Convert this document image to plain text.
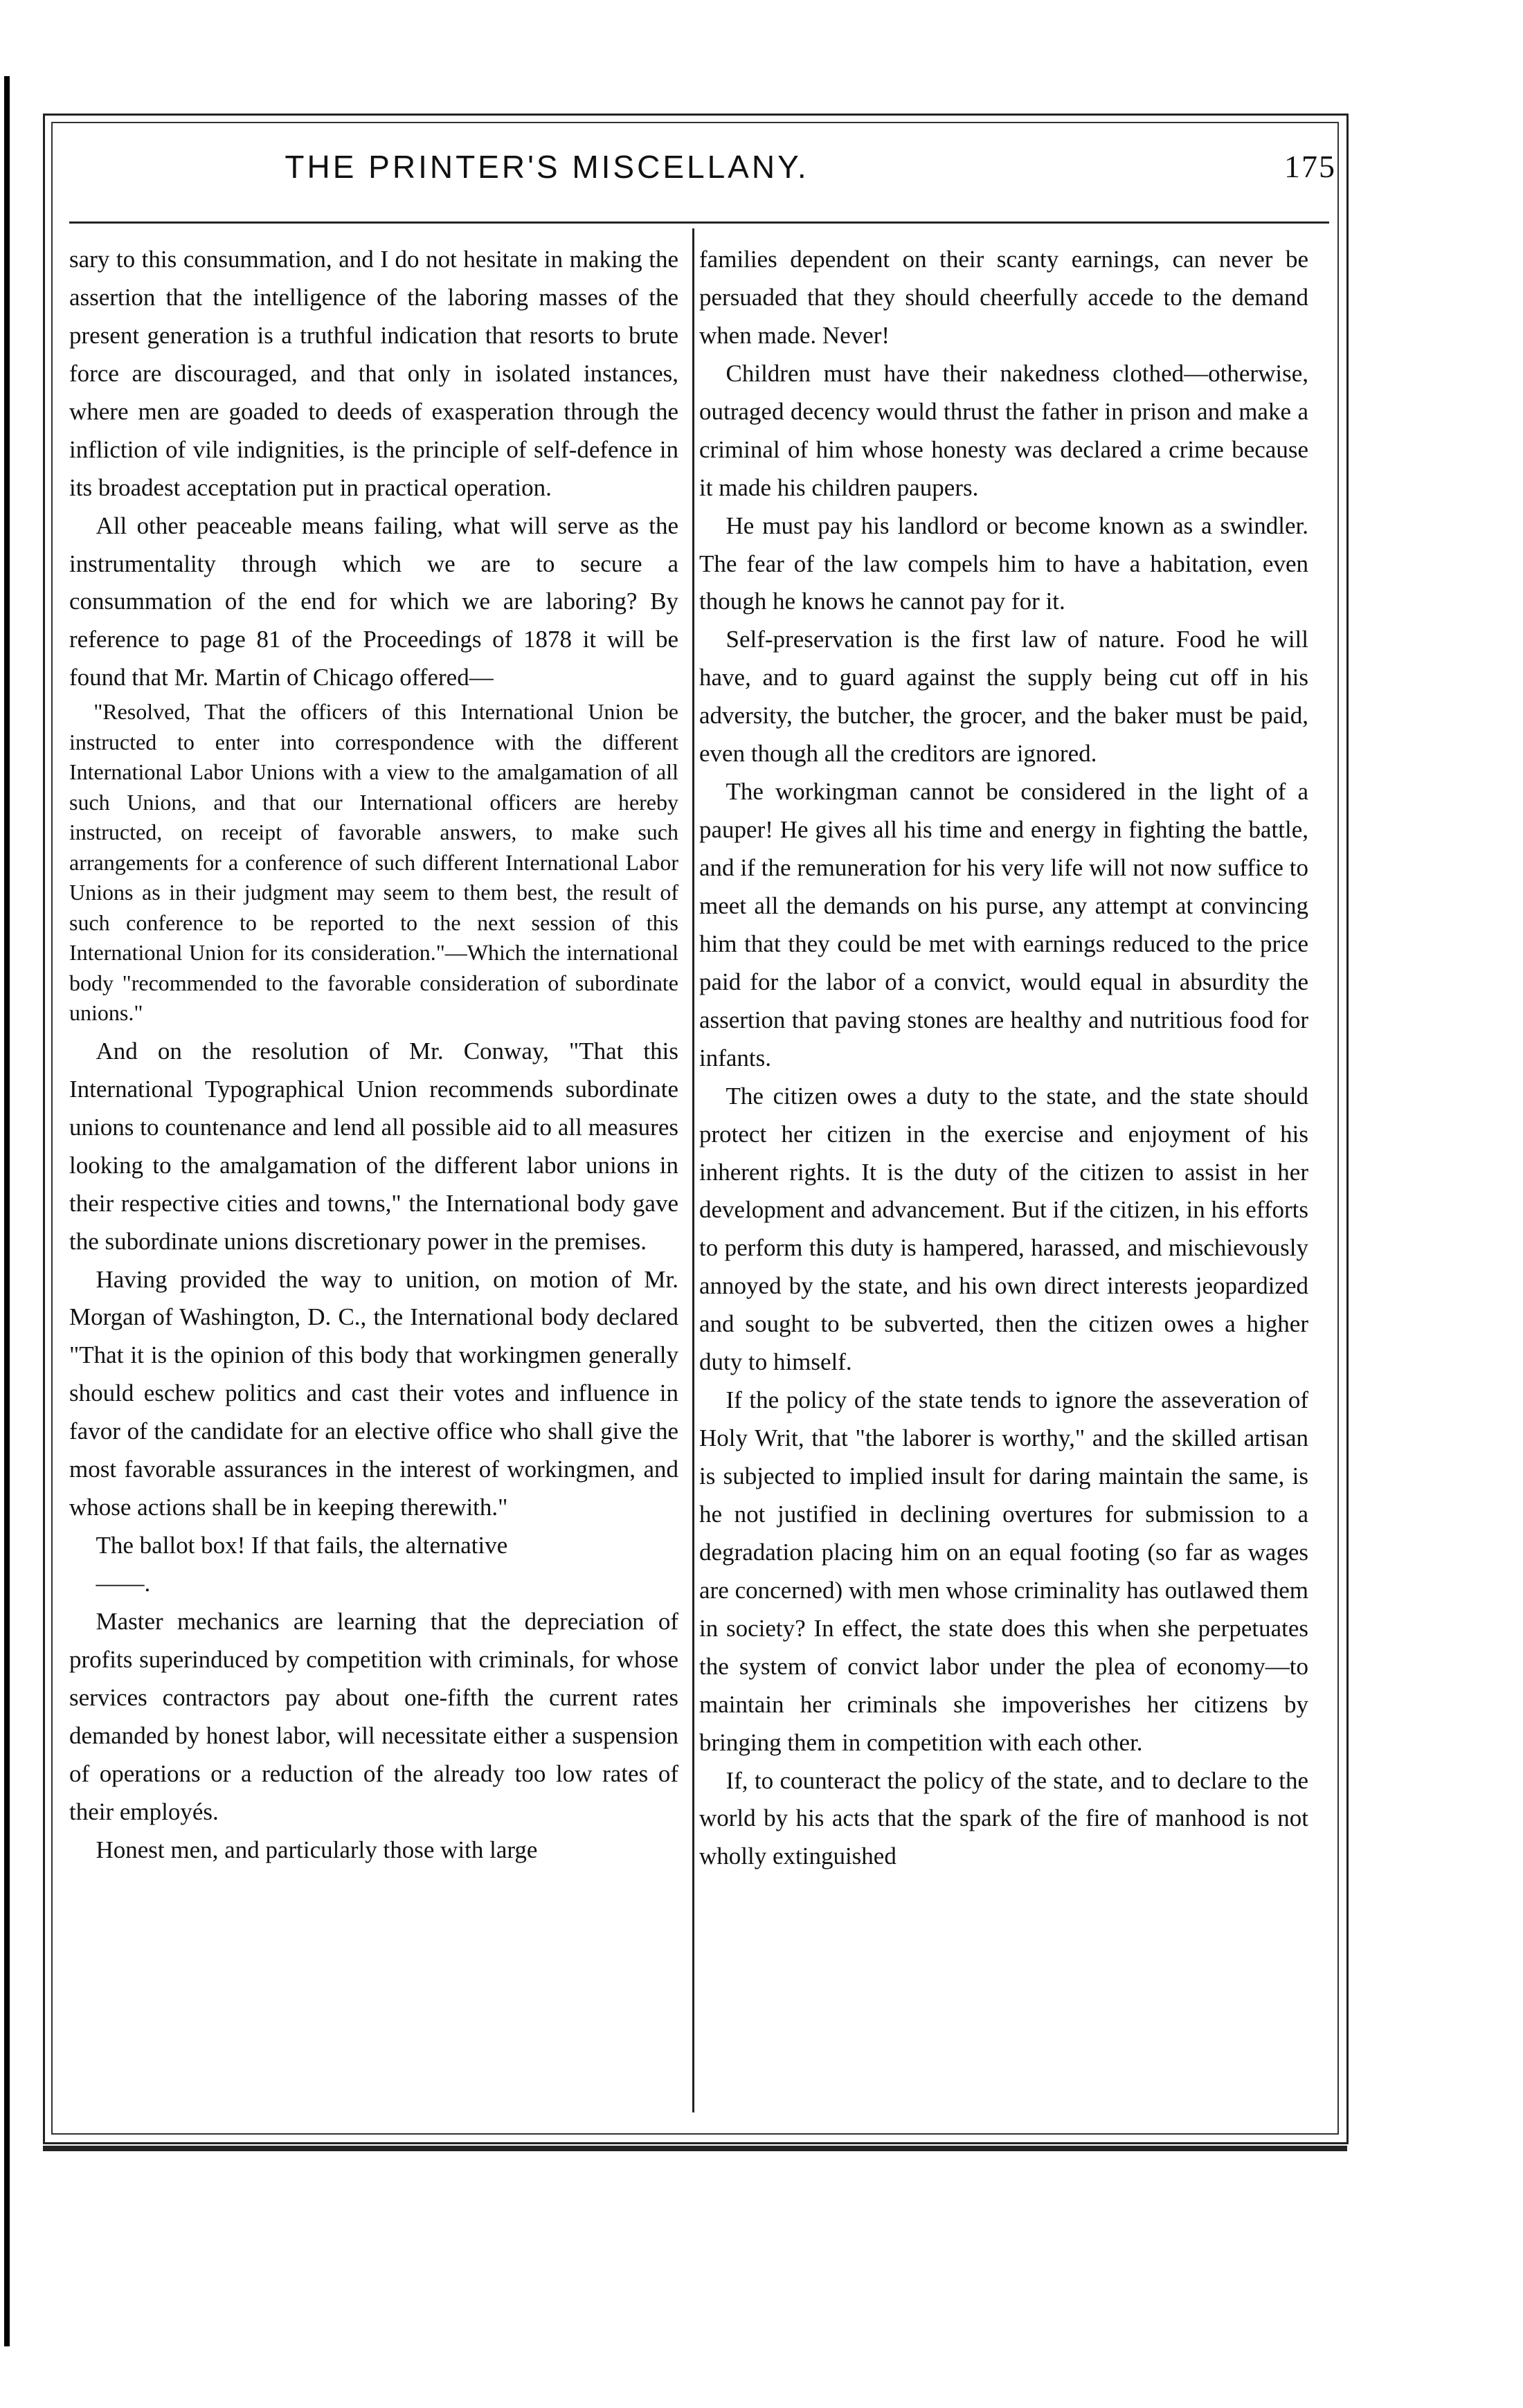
THE PRINTER'S MISCELLANY.	175

sary to this consummation, and I do not hesitate in making the assertion that the intelligence of the laboring masses of the present generation is a truthful indication that resorts to brute force are discouraged, and that only in isolated instances, where men are goaded to deeds of exasperation through the infliction of vile indignities, is the principle of self-defence in its broadest acceptation put in practical operation.

All other peaceable means failing, what will serve as the instrumentality through which we are to secure a consummation of the end for which we are laboring? By reference to page 81 of the Proceedings of 1878 it will be found that Mr. Martin of Chicago offered—

"Resolved, That the officers of this International Union be instructed to enter into correspondence with the different International Labor Unions with a view to the amalgamation of all such Unions, and that our International officers are hereby instructed, on receipt of favorable answers, to make such arrangements for a conference of such different International Labor Unions as in their judgment may seem to them best, the result of such conference to be reported to the next session of this International Union for its consideration."—Which the international body "recommended to the favorable consideration of subordinate unions."

And on the resolution of Mr. Conway, "That this International Typographical Union recommends subordinate unions to countenance and lend all possible aid to all measures looking to the amalgamation of the different labor unions in their respective cities and towns," the International body gave the subordinate unions discretionary power in the premises.

Having provided the way to unition, on motion of Mr. Morgan of Washington, D. C., the International body declared "That it is the opinion of this body that workingmen generally should eschew politics and cast their votes and influence in favor of the candidate for an elective office who shall give the most favorable assurances in the interest of workingmen, and whose actions shall be in keeping therewith."

The ballot box! If that fails, the alternative

——.

Master mechanics are learning that the depreciation of profits superinduced by competition with criminals, for whose services contractors pay about one-fifth the current rates demanded by honest labor, will necessitate either a suspension of operations or a reduction of the already too low rates of their employés.

Honest men, and particularly those with large

families dependent on their scanty earnings, can never be persuaded that they should cheerfully accede to the demand when made. Never!

Children must have their nakedness clothed—otherwise, outraged decency would thrust the father in prison and make a criminal of him whose honesty was declared a crime because it made his children paupers.

He must pay his landlord or become known as a swindler. The fear of the law compels him to have a habitation, even though he knows he cannot pay for it.

Self-preservation is the first law of nature. Food he will have, and to guard against the supply being cut off in his adversity, the butcher, the grocer, and the baker must be paid, even though all the creditors are ignored.

The workingman cannot be considered in the light of a pauper! He gives all his time and energy in fighting the battle, and if the remuneration for his very life will not now suffice to meet all the demands on his purse, any attempt at convincing him that they could be met with earnings reduced to the price paid for the labor of a convict, would equal in absurdity the assertion that paving stones are healthy and nutritious food for infants.

The citizen owes a duty to the state, and the state should protect her citizen in the exercise and enjoyment of his inherent rights. It is the duty of the citizen to assist in her development and advancement. But if the citizen, in his efforts to perform this duty is hampered, harassed, and mischievously annoyed by the state, and his own direct interests jeopardized and sought to be subverted, then the citizen owes a higher duty to himself.

If the policy of the state tends to ignore the asseveration of Holy Writ, that "the laborer is worthy," and the skilled artisan is subjected to implied insult for daring maintain the same, is he not justified in declining overtures for submission to a degradation placing him on an equal footing (so far as wages are concerned) with men whose criminality has outlawed them in society? In effect, the state does this when she perpetuates the system of convict labor under the plea of economy—to maintain her criminals she impoverishes her citizens by bringing them in competition with each other.

If, to counteract the policy of the state, and to declare to the world by his acts that the spark of the fire of manhood is not wholly extinguished
